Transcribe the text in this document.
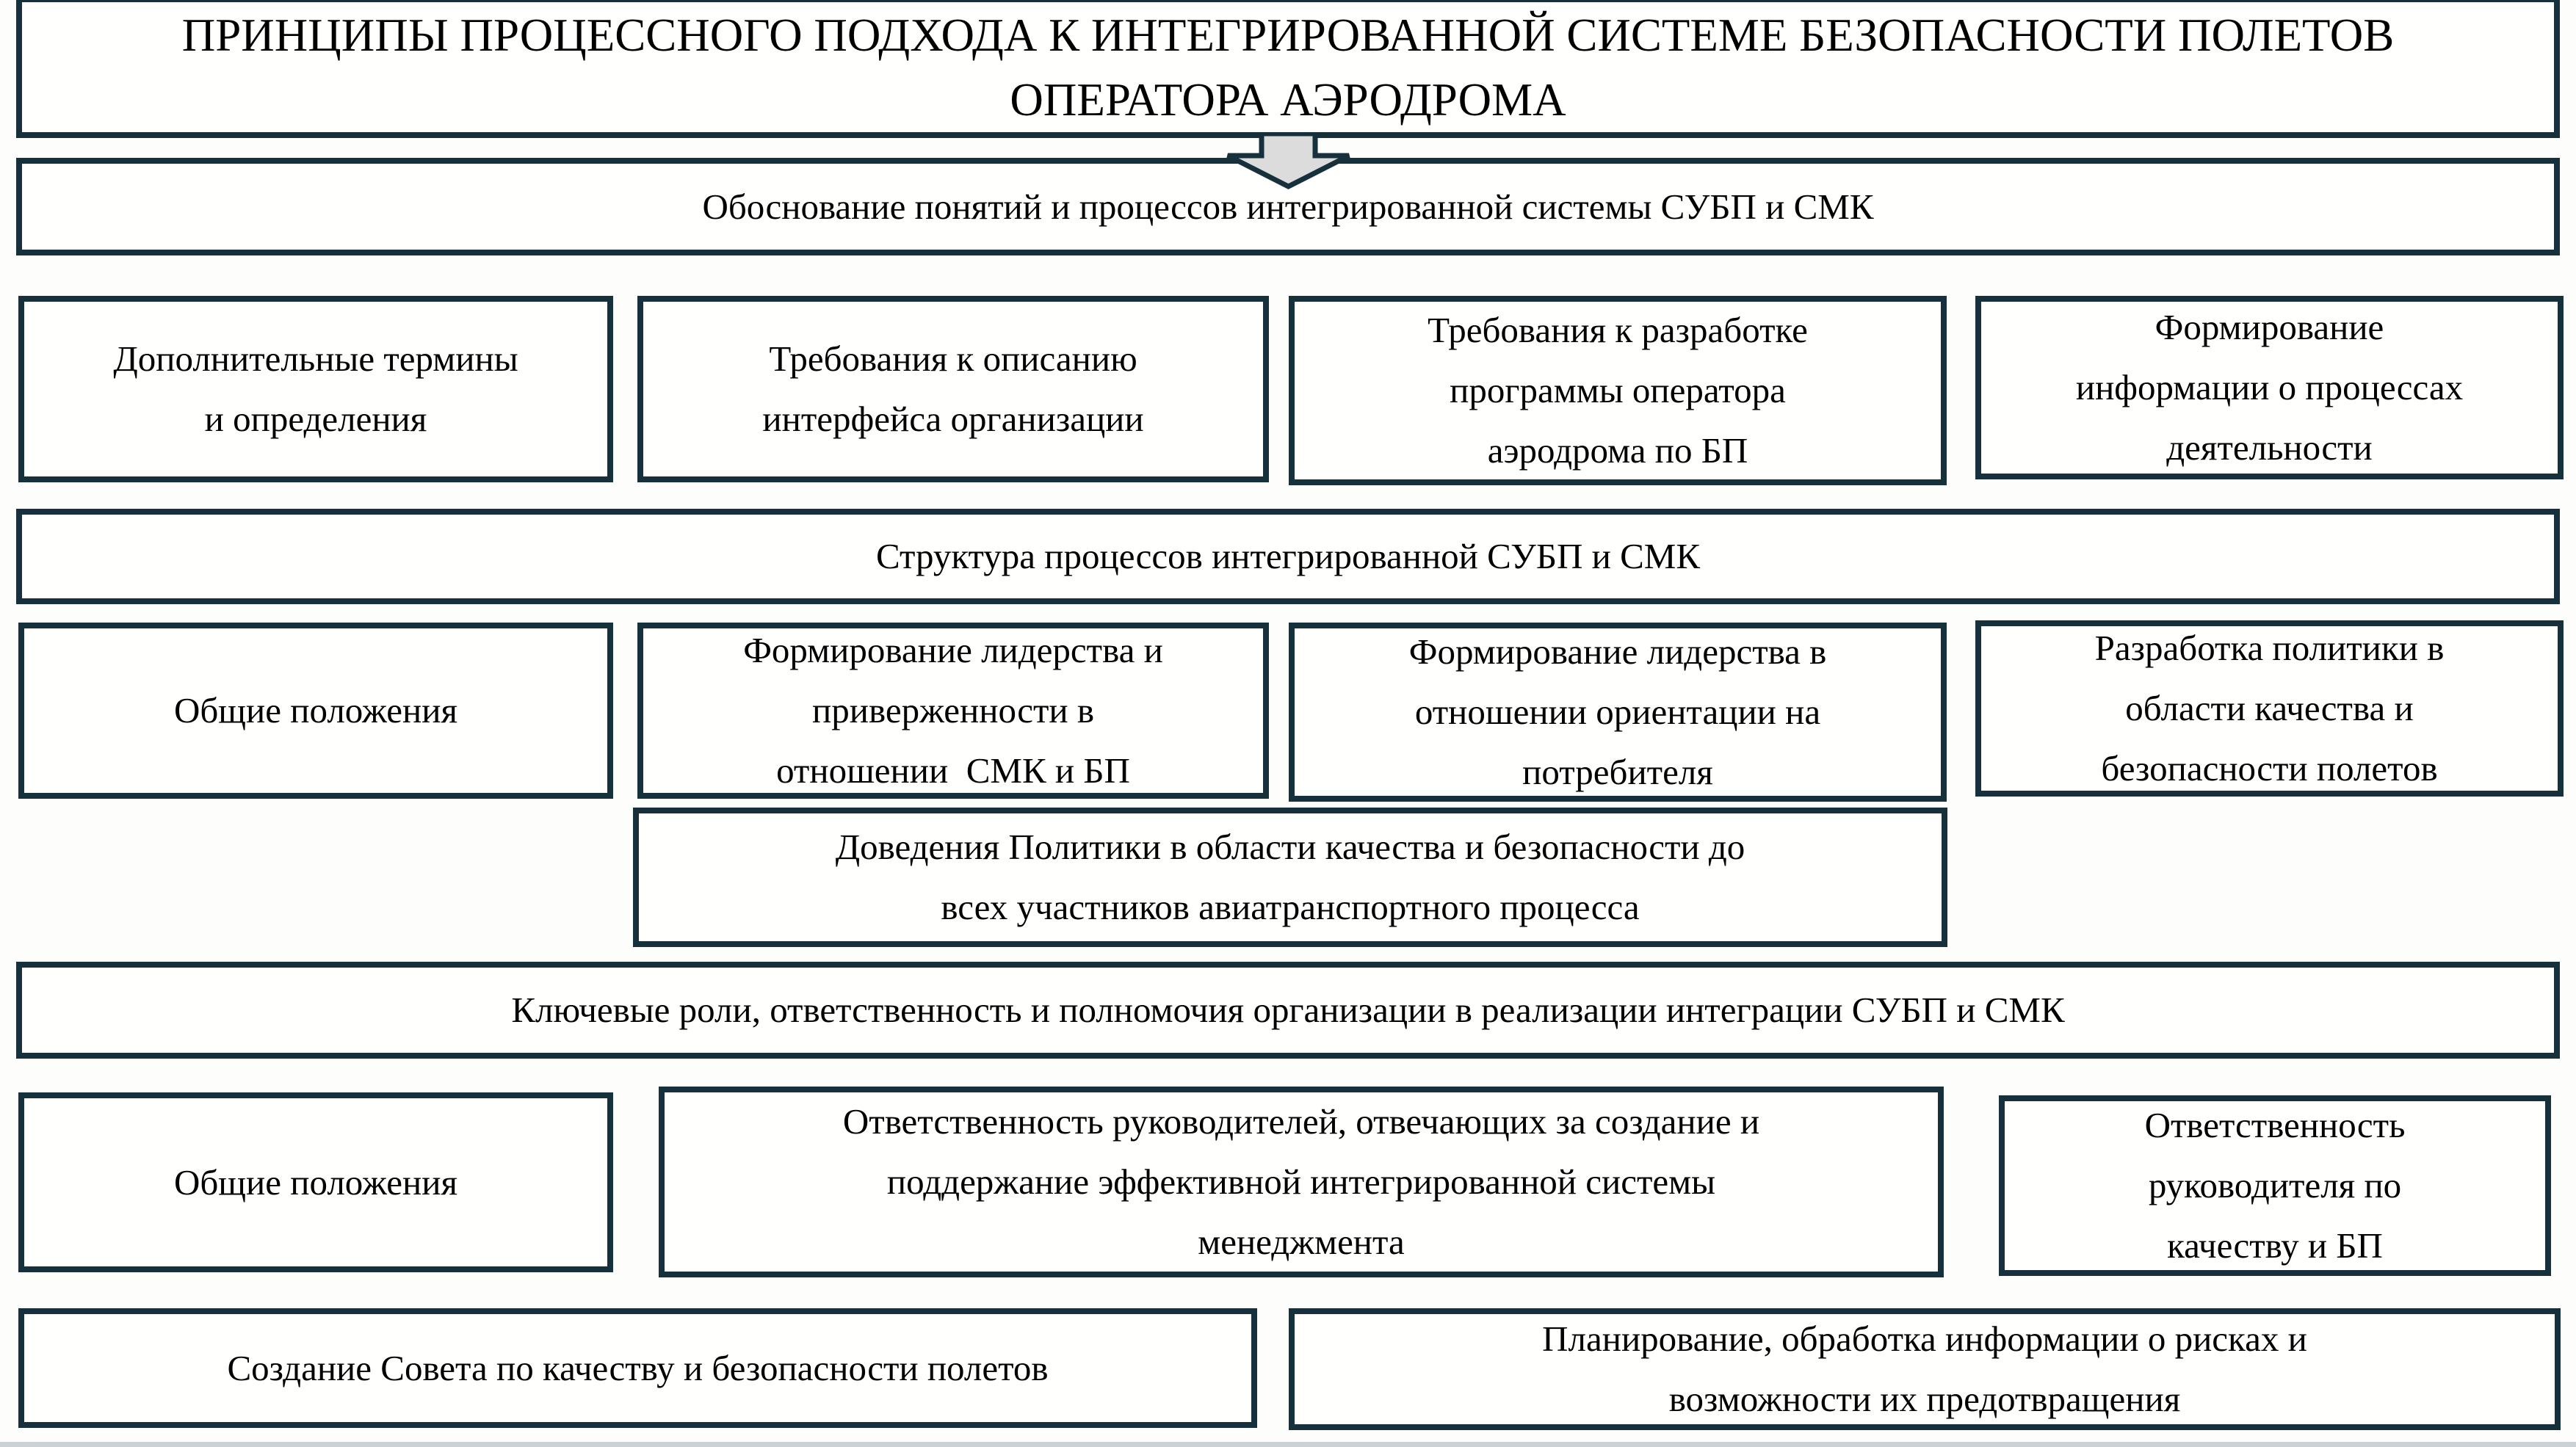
ПРИНЦИПЫ ПРОЦЕССНОГО ПОДХОДА К ИНТЕГРИРОВАННОЙ СИСТЕМЕ БЕЗОПАСНОСТИ ПОЛЕТОВ
ОПЕРАТОРА АЭРОДРОМА
Обоснование понятий и процессов интегрированной системы СУБП и СМК
Дополнительные термины
и определения
Требования к описанию
интерфейса организации
Требования к разработке
программы оператора
аэродрома по БП
Формирование
информации о процессах
деятельности
Структура процессов интегрированной СУБП и СМК
Общие положения
Формирование лидерства и
приверженности в
отношении  СМК и БП
Формирование лидерства в
отношении ориентации на
потребителя
Разработка политики в
области качества и
безопасности полетов
Доведения Политики в области качества и безопасности до
всех участников авиатранспортного процесса
Ключевые роли, ответственность и полномочия организации в реализации интеграции СУБП и СМК
Общие положения
Ответственность руководителей, отвечающих за создание и
поддержание эффективной интегрированной системы
менеджмента
Ответственность
руководителя по
качеству и БП
Создание Совета по качеству и безопасности полетов
Планирование, обработка информации о рисках и
возможности их предотвращения
